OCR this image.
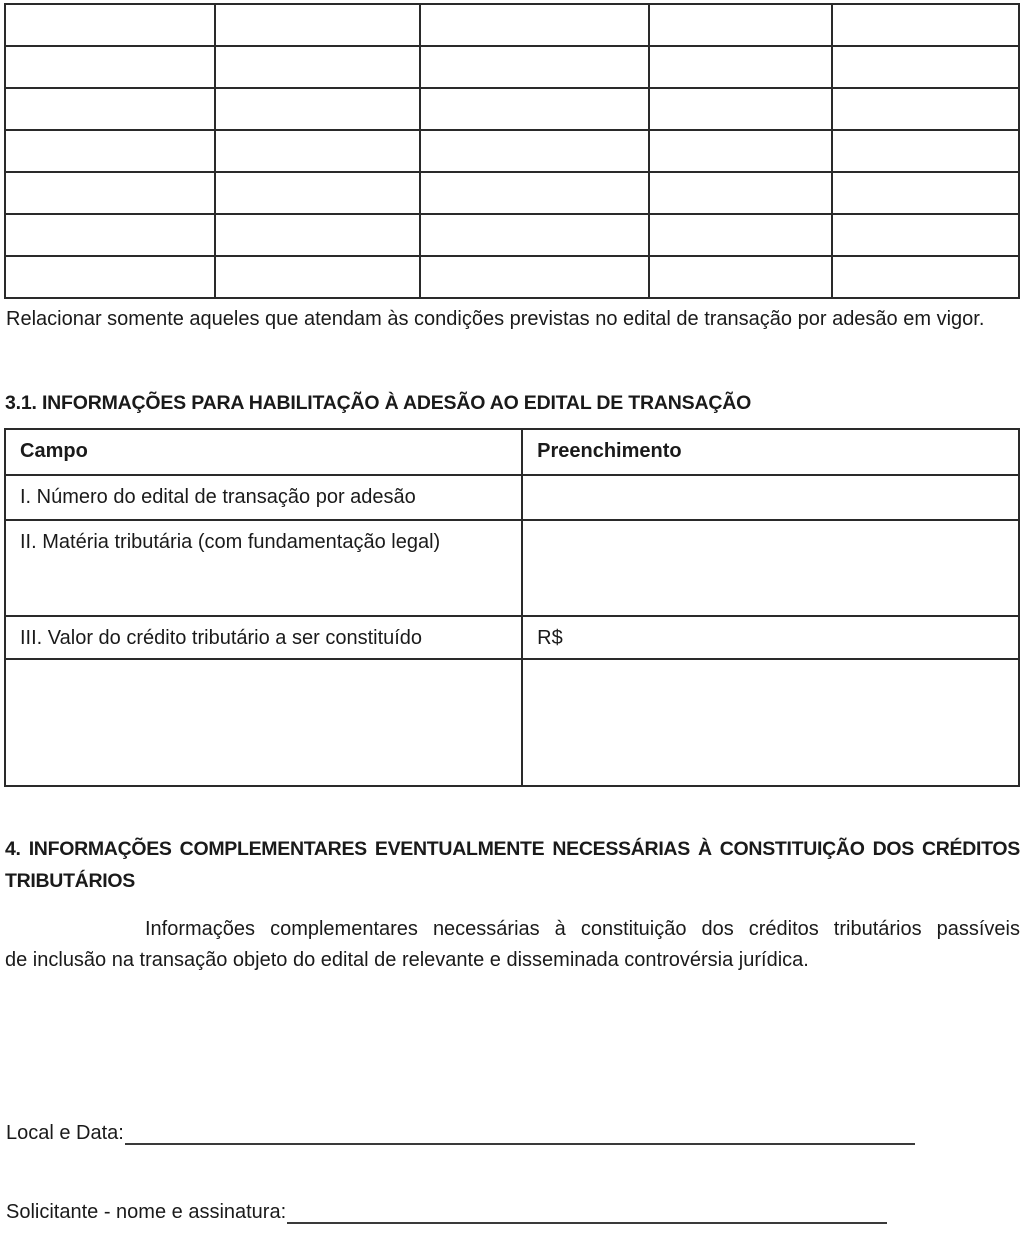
Relacionar somente aqueles que atendam às condições previstas no edital de transação por adesão em vigor.

3.1. INFORMAÇÕES PARA HABILITAÇÃO À ADESÃO AO EDITAL DE TRANSAÇÃO
Campo	Preenchimento
I. Número do edital de transação por adesão	
II. Matéria tributária (com fundamentação legal)	
III. Valor do crédito tributário a ser constituído	R$

4. INFORMAÇÕES COMPLEMENTARES EVENTUALMENTE NECESSÁRIAS À CONSTITUIÇÃO DOS CRÉDITOS
TRIBUTÁRIOS
Informações complementares necessárias à constituição dos créditos tributários passíveis
de inclusão na transação objeto do edital de relevante e disseminada controvérsia jurídica.
Local e Data:
Solicitante - nome e assinatura:
